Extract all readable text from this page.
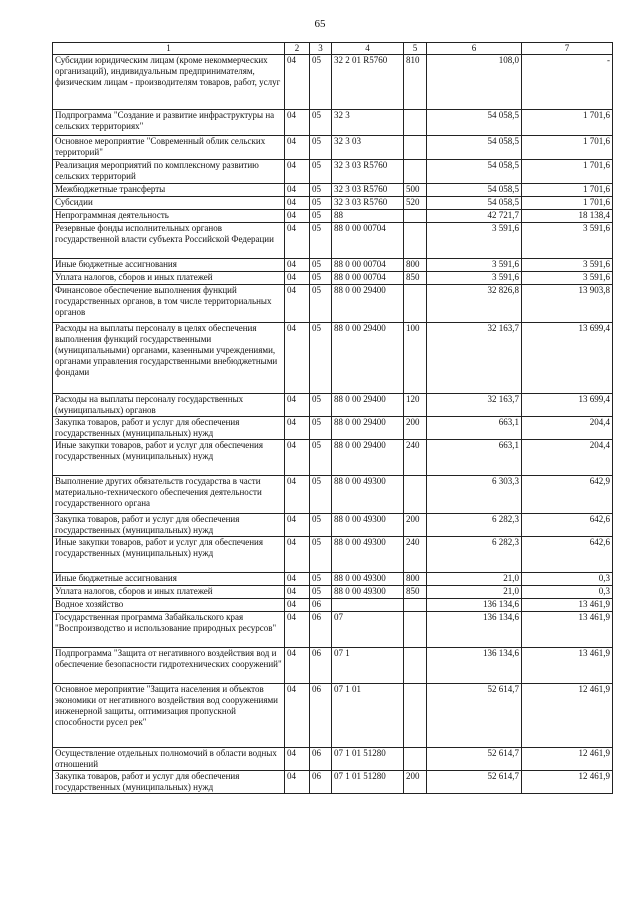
65
1	2	3	4	5	6	7
Субсидии юридическим лицам (кроме некоммерческих организаций), индивидуальным предпринимателям, физическим лицам - производителям товаров, работ, услуг	04	05	32 2 01 R5760	810	108,0	-
Подпрограмма "Создание и развитие инфраструктуры на сельских территориях"	04	05	32 3		54 058,5	1 701,6
Основное мероприятие "Современный облик сельских территорий"	04	05	32 3 03		54 058,5	1 701,6
Реализация мероприятий по комплексному развитию сельских территорий	04	05	32 3 03 R5760		54 058,5	1 701,6
Межбюджетные трансферты	04	05	32 3 03 R5760	500	54 058,5	1 701,6
Субсидии	04	05	32 3 03 R5760	520	54 058,5	1 701,6
Непрограммная деятельность	04	05	88		42 721,7	18 138,4
Резервные фонды исполнительных органов государственной власти субъекта Российской Федерации	04	05	88 0 00 00704		3 591,6	3 591,6
Иные бюджетные ассигнования	04	05	88 0 00 00704	800	3 591,6	3 591,6
Уплата налогов, сборов и иных платежей	04	05	88 0 00 00704	850	3 591,6	3 591,6
Финансовое обеспечение выполнения функций государственных органов, в том числе территориальных органов	04	05	88 0 00 29400		32 826,8	13 903,8
Расходы на выплаты персоналу в целях обеспечения выполнения функций государственными (муниципальными) органами, казенными учреждениями, органами управления государственными внебюджетными фондами	04	05	88 0 00 29400	100	32 163,7	13 699,4
Расходы на выплаты персоналу государственных (муниципальных) органов	04	05	88 0 00 29400	120	32 163,7	13 699,4
Закупка товаров, работ и услуг для обеспечения государственных (муниципальных) нужд	04	05	88 0 00 29400	200	663,1	204,4
Иные закупки товаров, работ и услуг для обеспечения государственных (муниципальных) нужд	04	05	88 0 00 29400	240	663,1	204,4
Выполнение других обязательств государства в части материально-технического обеспечения деятельности государственного органа	04	05	88 0 00 49300		6 303,3	642,9
Закупка товаров, работ и услуг для обеспечения государственных (муниципальных) нужд	04	05	88 0 00 49300	200	6 282,3	642,6
Иные закупки товаров, работ и услуг для обеспечения государственных (муниципальных) нужд	04	05	88 0 00 49300	240	6 282,3	642,6
Иные бюджетные ассигнования	04	05	88 0 00 49300	800	21,0	0,3
Уплата налогов, сборов и иных платежей	04	05	88 0 00 49300	850	21,0	0,3
Водное хозяйство	04	06			136 134,6	13 461,9
Государственная программа Забайкальского края "Воспроизводство и использование природных ресурсов"	04	06	07		136 134,6	13 461,9
Подпрограмма "Защита от негативного воздействия вод и обеспечение безопасности гидротехнических сооружений"	04	06	07 1		136 134,6	13 461,9
Основное мероприятие "Защита населения и объектов экономики от негативного воздействия вод сооружениями инженерной защиты, оптимизация пропускной способности русел рек"	04	06	07 1 01		52 614,7	12 461,9
Осуществление отдельных полномочий в области водных отношений	04	06	07 1 01 51280		52 614,7	12 461,9
Закупка товаров, работ и услуг для обеспечения государственных (муниципальных) нужд	04	06	07 1 01 51280	200	52 614,7	12 461,9
